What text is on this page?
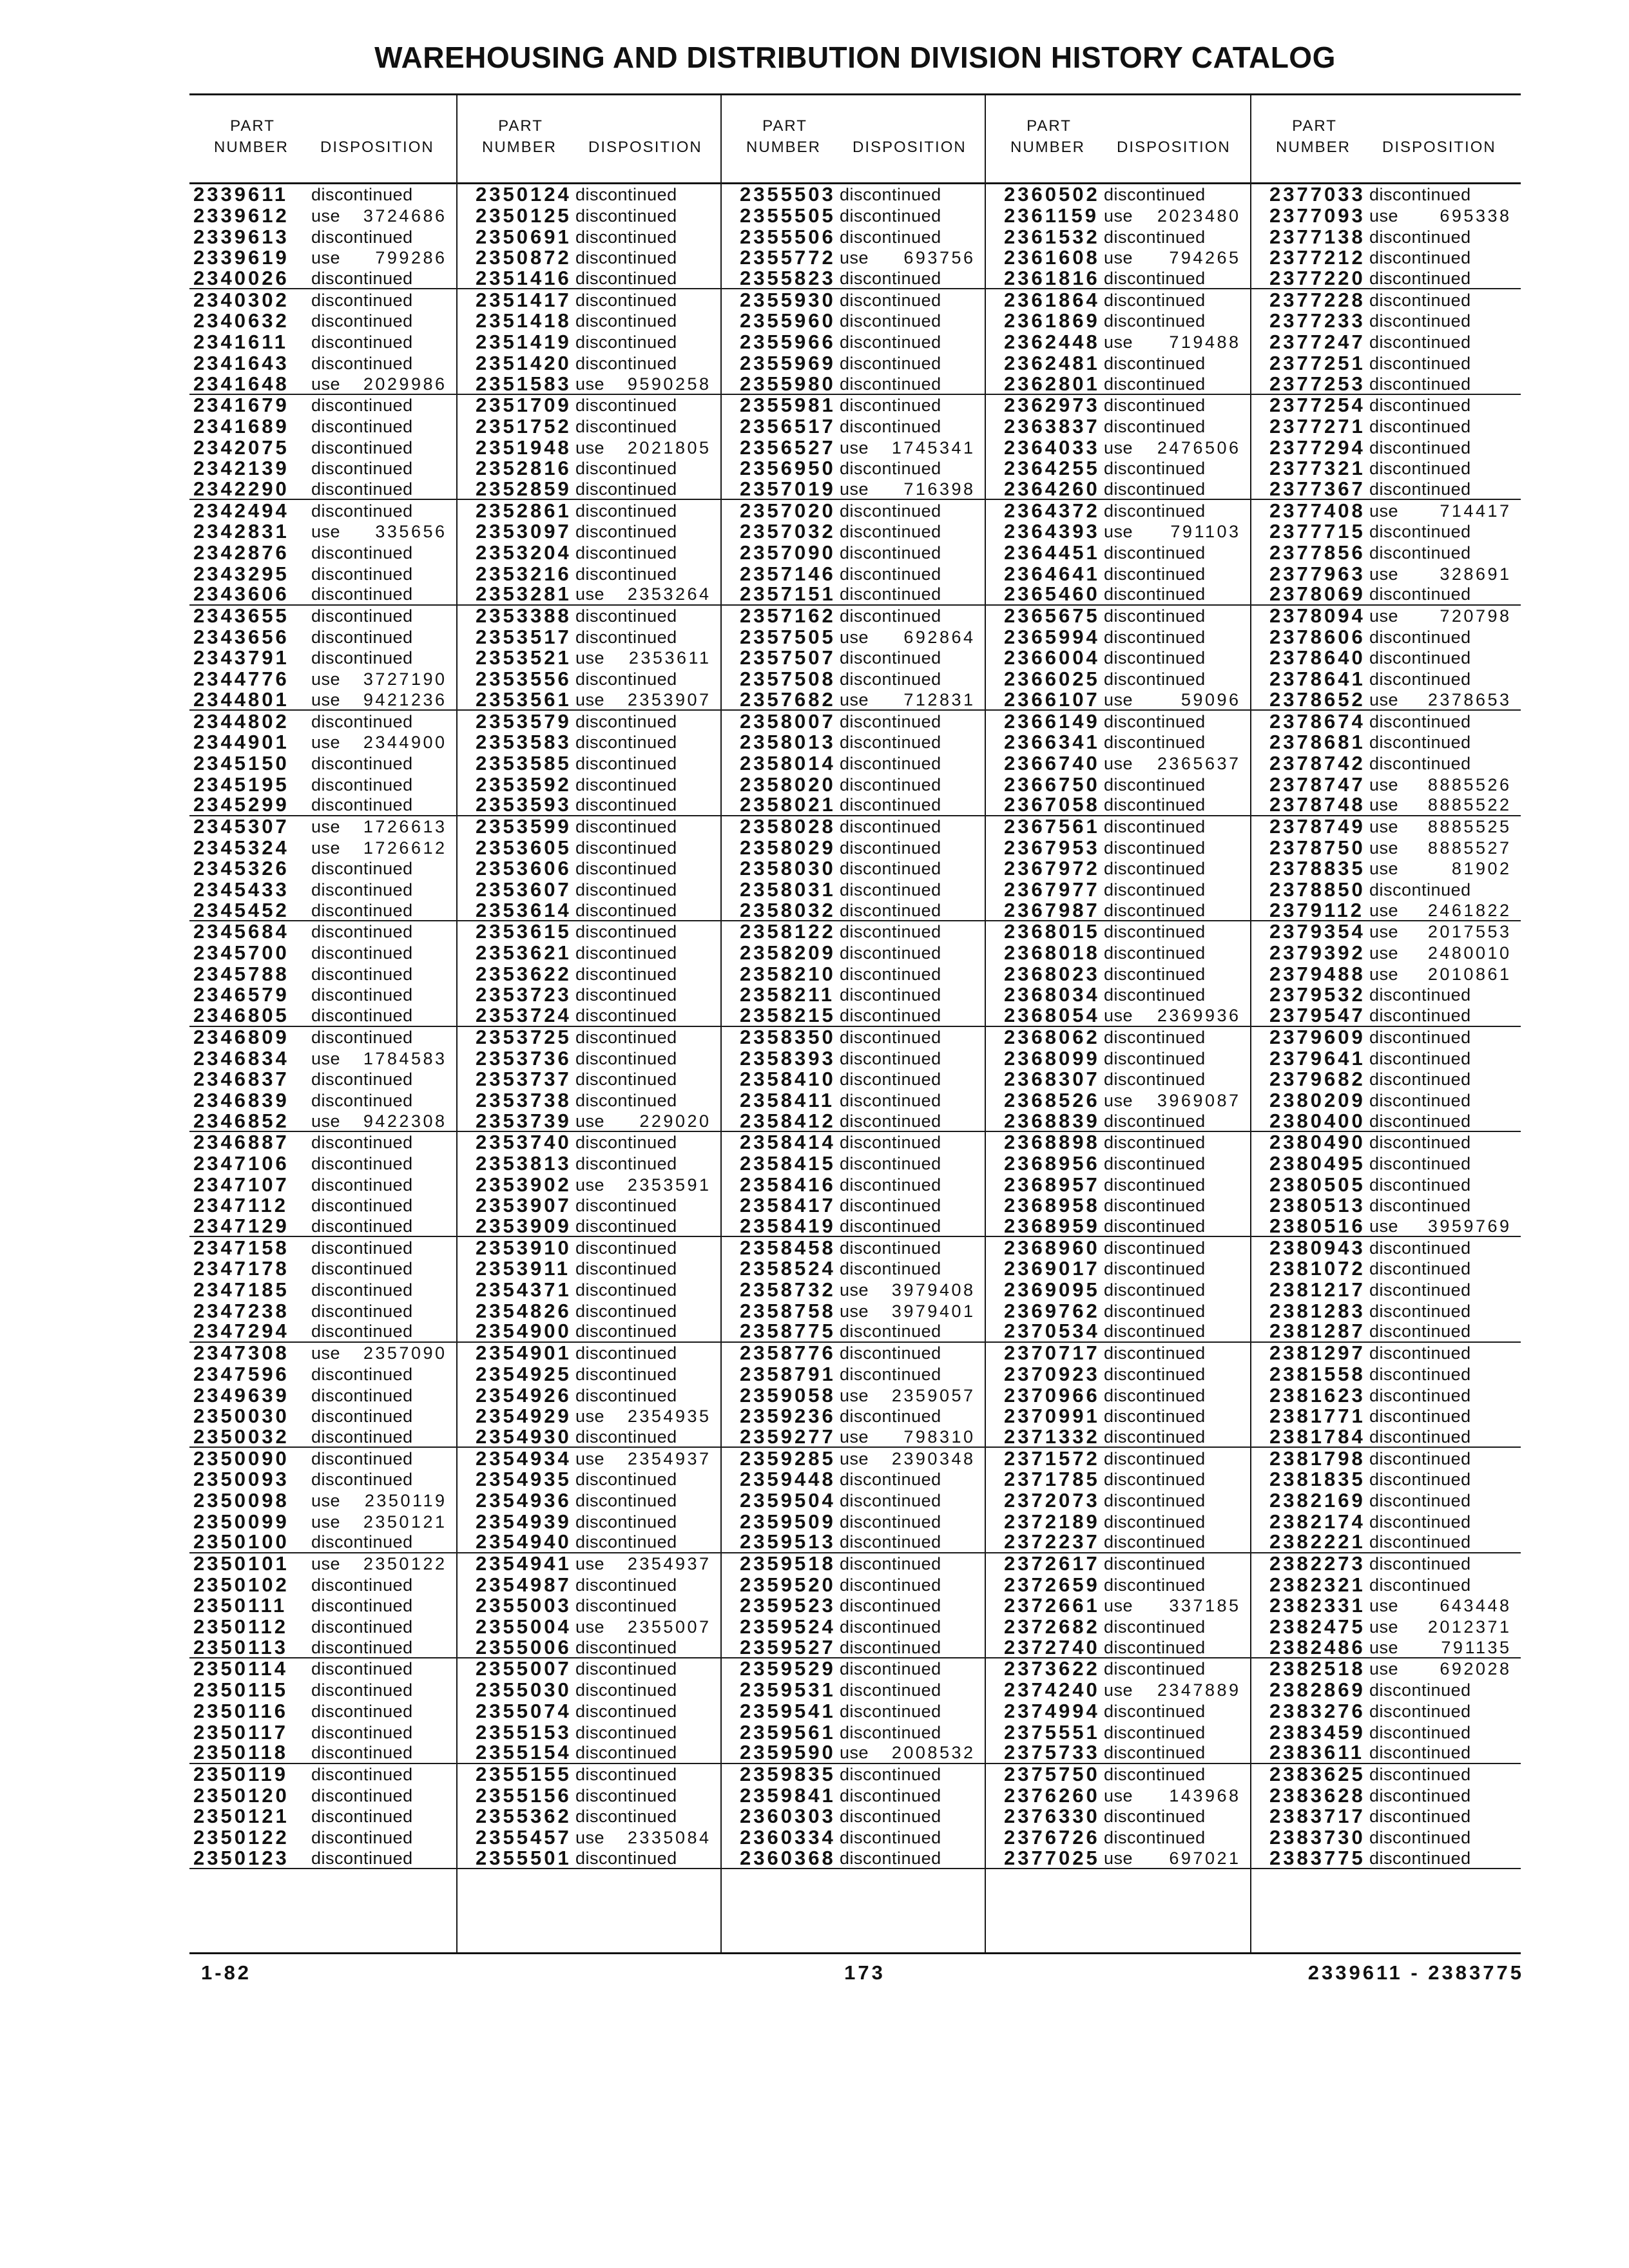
WAREHOUSING AND DISTRIBUTION DIVISION HISTORY CATALOG
PART
NUMBER DISPOSITION
2339611	discontinued
2339612	use 3724686
2339613	discontinued
2339619	use 799286
2340026	discontinued
2340302	discontinued
2340632	discontinued
2341611	discontinued
2341643	discontinued
2341648	use 2029986
2341679	discontinued
2341689	discontinued
2342075	discontinued
2342139	discontinued
2342290	discontinued
2342494	discontinued
2342831	use 335656
2342876	discontinued
2343295	discontinued
2343606	discontinued
2343655	discontinued
2343656	discontinued
2343791	discontinued
2344776	use 3727190
2344801	use 9421236
2344802	discontinued
2344901	use 2344900
2345150	discontinued
2345195	discontinued
2345299	discontinued
2345307	use 1726613
2345324	use 1726612
2345326	discontinued
2345433	discontinued
2345452	discontinued
2345684	discontinued
2345700	discontinued
2345788	discontinued
2346579	discontinued
2346805	discontinued
2346809	discontinued
2346834	use 1784583
2346837	discontinued
2346839	discontinued
2346852	use 9422308
2346887	discontinued
2347106	discontinued
2347107	discontinued
2347112	discontinued
2347129	discontinued
2347158	discontinued
2347178	discontinued
2347185	discontinued
2347238	discontinued
2347294	discontinued
2347308	use 2357090
2347596	discontinued
2349639	discontinued
2350030	discontinued
2350032	discontinued
2350090	discontinued
2350093	discontinued
2350098	use 2350119
2350099	use 2350121
2350100	discontinued
2350101	use 2350122
2350102	discontinued
2350111	discontinued
2350112	discontinued
2350113	discontinued
2350114	discontinued
2350115	discontinued
2350116	discontinued
2350117	discontinued
2350118	discontinued
2350119	discontinued
2350120	discontinued
2350121	discontinued
2350122	discontinued
2350123	discontinued
PART
NUMBER DISPOSITION
2350124 discontinued
2350125 discontinued
2350691 discontinued
2350872 discontinued
2351416 discontinued
2351417 discontinued
2351418 discontinued
2351419 discontinued
2351420 discontinued
2351583 use 9590258
2351709 discontinued
2351752 discontinued
2351948 use 2021805
2352816 discontinued
2352859 discontinued
2352861 discontinued
2353097 discontinued
2353204 discontinued
2353216 discontinued
2353281 use 2353264
2353388 discontinued
2353517 discontinued
2353521 use 2353611
2353556 discontinued
2353561 use 2353907
2353579 discontinued
2353583 discontinued
2353585 discontinued
2353592 discontinued
2353593 discontinued
2353599 discontinued
2353605 discontinued
2353606 discontinued
2353607 discontinued
2353614 discontinued
2353615 discontinued
2353621 discontinued
2353622 discontinued
2353723 discontinued
2353724 discontinued
2353725 discontinued
2353736 discontinued
2353737 discontinued
2353738 discontinued
2353739 use 229020
2353740 discontinued
2353813 discontinued
2353902 use 2353591
2353907 discontinued
2353909 discontinued
2353910 discontinued
2353911 discontinued
2354371 discontinued
2354826 discontinued
2354900 discontinued
2354901 discontinued
2354925 discontinued
2354926 discontinued
2354929 use 2354935
2354930 discontinued
2354934 use 2354937
2354935 discontinued
2354936 discontinued
2354939 discontinued
2354940 discontinued
2354941 use 2354937
2354987 discontinued
2355003 discontinued
2355004 use 2355007
2355006 discontinued
2355007 discontinued
2355030 discontinued
2355074 discontinued
2355153 discontinued
2355154 discontinued
2355155 discontinued
2355156 discontinued
2355362 discontinued
2355457 use 2335084
2355501 discontinued
PART
NUMBER DISPOSITION
2355503 discontinued
2355505 discontinued
2355506 discontinued
2355772 use 693756
2355823 discontinued
2355930 discontinued
2355960 discontinued
2355966 discontinued
2355969 discontinued
2355980 discontinued
2355981 discontinued
2356517 discontinued
2356527 use 1745341
2356950 discontinued
2357019 use 716398
2357020 discontinued
2357032 discontinued
2357090 discontinued
2357146 discontinued
2357151 discontinued
2357162 discontinued
2357505 use 692864
2357507 discontinued
2357508 discontinued
2357682 use 712831
2358007 discontinued
2358013 discontinued
2358014 discontinued
2358020 discontinued
2358021 discontinued
2358028 discontinued
2358029 discontinued
2358030 discontinued
2358031 discontinued
2358032 discontinued
2358122 discontinued
2358209 discontinued
2358210 discontinued
2358211 discontinued
2358215 discontinued
2358350 discontinued
2358393 discontinued
2358410 discontinued
2358411 discontinued
2358412 discontinued
2358414 discontinued
2358415 discontinued
2358416 discontinued
2358417 discontinued
2358419 discontinued
2358458 discontinued
2358524 discontinued
2358732 use 3979408
2358758 use 3979401
2358775 discontinued
2358776 discontinued
2358791 discontinued
2359058 use 2359057
2359236 discontinued
2359277 use 798310
2359285 use 2390348
2359448 discontinued
2359504 discontinued
2359509 discontinued
2359513 discontinued
2359518 discontinued
2359520 discontinued
2359523 discontinued
2359524 discontinued
2359527 discontinued
2359529 discontinued
2359531 discontinued
2359541 discontinued
2359561 discontinued
2359590 use 2008532
2359835 discontinued
2359841 discontinued
2360303 discontinued
2360334 discontinued
2360368 discontinued
PART
NUMBER DISPOSITION
2360502 discontinued
2361159 use 2023480
2361532 discontinued
2361608 use 794265
2361816 discontinued
2361864 discontinued
2361869 discontinued
2362448 use 719488
2362481 discontinued
2362801 discontinued
2362973 discontinued
2363837 discontinued
2364033 use 2476506
2364255 discontinued
2364260 discontinued
2364372 discontinued
2364393 use 791103
2364451 discontinued
2364641 discontinued
2365460 discontinued
2365675 discontinued
2365994 discontinued
2366004 discontinued
2366025 discontinued
2366107 use	59096
2366149 discontinued
2366341 discontinued
2366740 use 2365637
2366750 discontinued
2367058 discontinued
2367561 discontinued
2367953 discontinued
2367972 discontinued
2367977 discontinued
2367987 discontinued
2368015 discontinued
2368018 discontinued
2368023 discontinued
2368034 discontinued
2368054 use 2369936
2368062 discontinued
2368099 discontinued
2368307 discontinued
2368526 use 3969087
2368839 discontinued
2368898 discontinued
2368956 discontinued
2368957 discontinued
2368958 discontinued
2368959 discontinued
2368960 discontinued
2369017 discontinued
2369095 discontinued
2369762 discontinued
2370534 discontinued
2370717 discontinued
2370923 discontinued
2370966 discontinued
2370991 discontinued
2371332 discontinued
2371572 discontinued
2371785 discontinued
2372073 discontinued
2372189 discontinued
2372237 discontinued
2372617 discontinued
2372659 discontinued
2372661 use 337185
2372682 discontinued
2372740 discontinued
2373622 discontinued
2374240 use 2347889
2374994 discontinued
2375551 discontinued
2375733 discontinued
2375750 discontinued
2376260 use 143968
2376330 discontinued
2376726 discontinued
2377025 use 697021
PART
NUMBER DISPOSITION
2377033 discontinued
2377093 use 695338
2377138 discontinued
2377212 discontinued
2377220 discontinued
2377228 discontinued
2377233 discontinued
2377247 discontinued
2377251 discontinued
2377253 discontinued
2377254 discontinued
2377271 discontinued
2377294 discontinued
2377321 discontinued
2377367 discontinued
2377408 use 714417
2377715 discontinued
2377856 discontinued
2377963 use 328691
2378069 discontinued
2378094 use 720798
2378606 discontinued
2378640 discontinued
2378641 discontinued
2378652 use 2378653
2378674 discontinued
2378681 discontinued
2378742 discontinued
2378747 use 8885526
2378748 use 8885522
2378749 use 8885525
2378750 use 8885527
2378835 use	81902
2378850 discontinued
2379112 use 2461822
2379354 use 2017553
2379392 use 2480010
2379488 use 2010861
2379532 discontinued
2379547 discontinued
2379609 discontinued
2379641 discontinued
2379682 discontinued
2380209 discontinued
2380400 discontinued
2380490 discontinued
2380495 discontinued
2380505 discontinued
2380513 discontinued
2380516 use 3959769
2380943 discontinued
2381072 discontinued
2381217 discontinued
2381283 discontinued
2381287 discontinued
2381297 discontinued
2381558 discontinued
2381623 discontinued
2381771 discontinued
2381784 discontinued
2381798 discontinued
2381835 discontinued
2382169 discontinued
2382174 discontinued
2382221 discontinued
2382273 discontinued
2382321 discontinued
2382331 use 643448
2382475 use 2012371
2382486 use 791135
2382518 use 692028
2382869 discontinued
2383276 discontinued
2383459 discontinued
2383611 discontinued
2383625 discontinued
2383628 discontinued
2383717 discontinued
2383730 discontinued
2383775 discontinued
1-82	173	2339611 - 2383775
